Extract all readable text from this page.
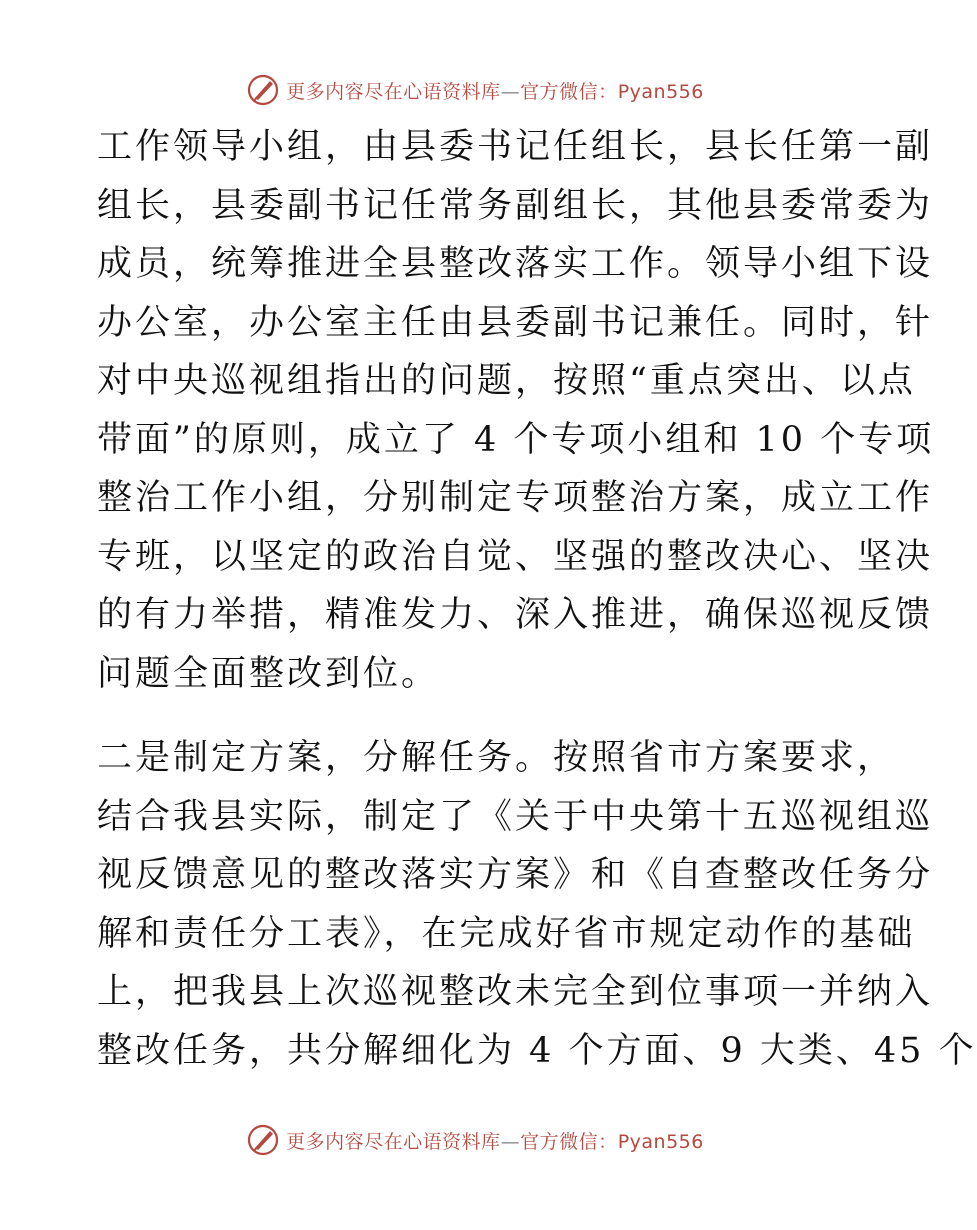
更多内容尽在心语资料库—官方微信：Pyan556
工作领导小组，由县委书记任组长，县长任第一副
组长，县委副书记任常务副组长，其他县委常委为
成员，统筹推进全县整改落实工作。领导小组下设
办公室，办公室主任由县委副书记兼任。同时，针
对中央巡视组指出的问题，按照“重点突出、以点
带面”的原则，成立了 4 个专项小组和 10 个专项
整治工作小组，分别制定专项整治方案，成立工作
专班，以坚定的政治自觉、坚强的整改决心、坚决
的有力举措，精准发力、深入推进，确保巡视反馈
问题全面整改到位。
二是制定方案，分解任务。按照省市方案要求，
结合我县实际，制定了《关于中央第十五巡视组巡
视反馈意见的整改落实方案》和《自查整改任务分
解和责任分工表》，在完成好省市规定动作的基础
上，把我县上次巡视整改未完全到位事项一并纳入
整改任务，共分解细化为 4 个方面、9 大类、45 个
更多内容尽在心语资料库—官方微信：Pyan556
